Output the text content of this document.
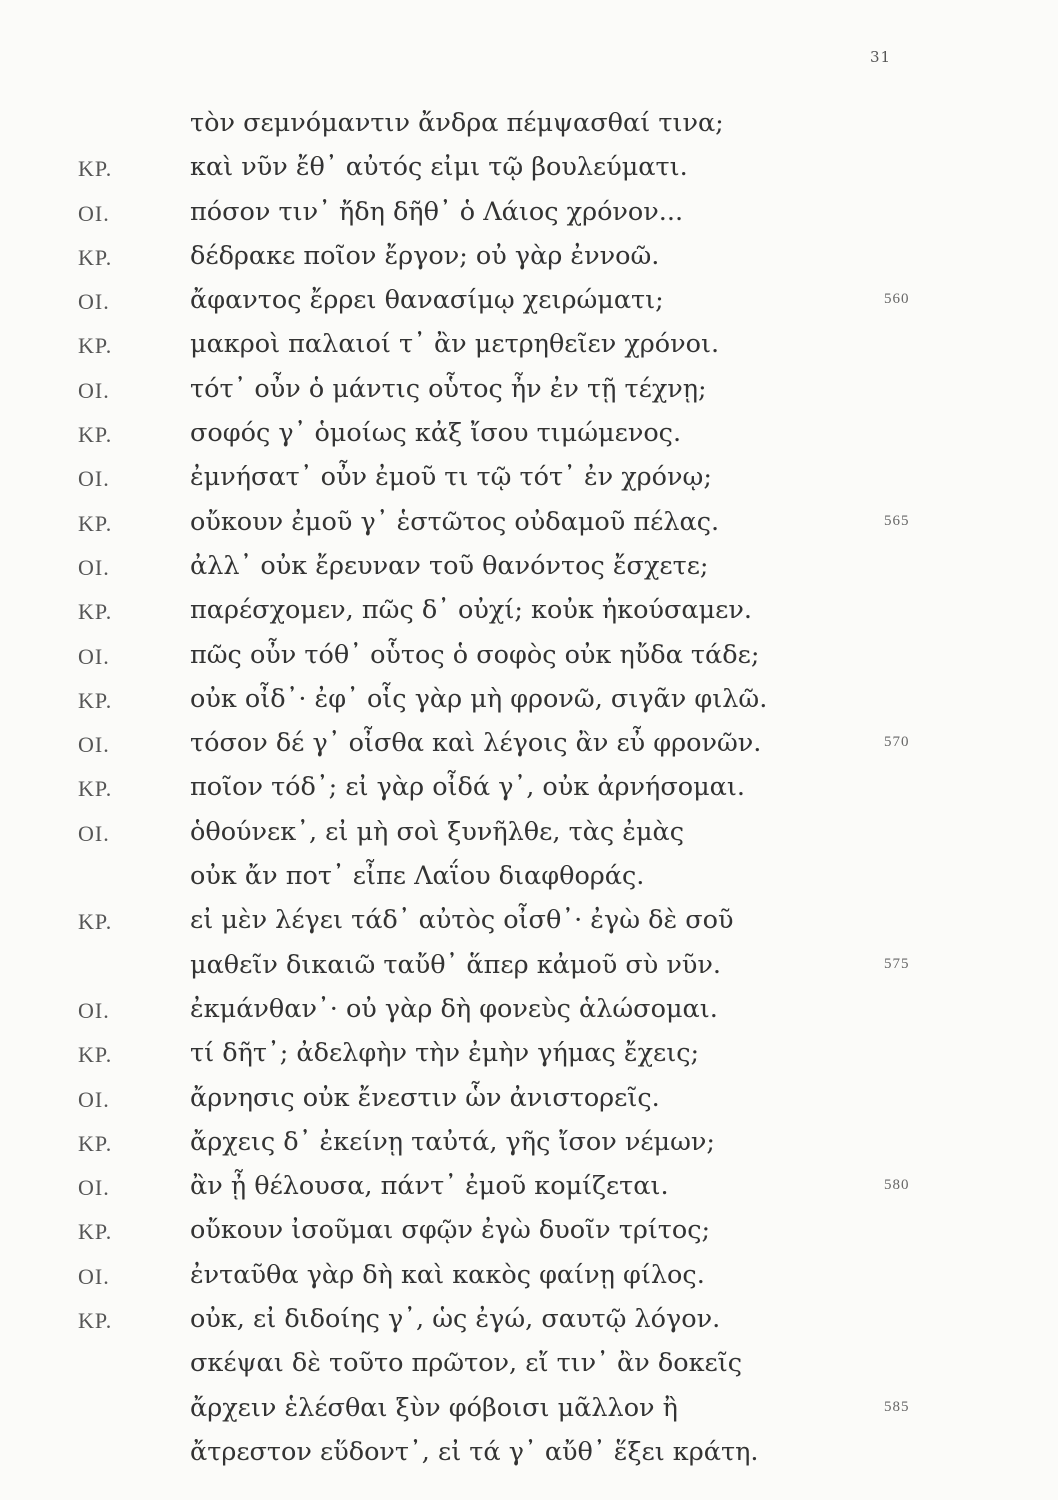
31
τὸν σεμνόμαντιν ἄνδρα πέμψασθαί τινα;
ΚΡ.	καὶ νῦν ἔθ᾽ αὐτός εἰμι τῷ βουλεύματι.
ΟΙ.	πόσον τιν᾽ ἤδη δῆθ᾽ ὁ Λάιος χρόνον...
ΚΡ.	δέδρακε ποῖον ἔργον; οὐ γὰρ ἐννοῶ.
ΟΙ.	ἄφαντος ἔρρει θανασίμῳ χειρώματι;	560
ΚΡ.	μακροὶ παλαιοί τ᾽ ἂν μετρηθεῖεν χρόνοι.
ΟΙ.	τότ᾽ οὖν ὁ μάντις οὗτος ἦν ἐν τῇ τέχνῃ;
ΚΡ.	σοφός γ᾽ ὁμοίως κἀξ ἴσου τιμώμενος.
ΟΙ.	ἐμνήσατ᾽ οὖν ἐμοῦ τι τῷ τότ᾽ ἐν χρόνῳ;
ΚΡ.	οὔκουν ἐμοῦ γ᾽ ἑστῶτος οὐδαμοῦ πέλας.	565
ΟΙ.	ἀλλ᾽ οὐκ ἔρευναν τοῦ θανόντος ἔσχετε;
ΚΡ.	παρέσχομεν, πῶς δ᾽ οὐχί; κοὐκ ἠκούσαμεν.
ΟΙ.	πῶς οὖν τόθ᾽ οὗτος ὁ σοφὸς οὐκ ηὔδα τάδε;
ΚΡ.	οὐκ οἶδ᾽· ἐφ᾽ οἷς γὰρ μὴ φρονῶ, σιγᾶν φιλῶ.
ΟΙ.	τόσον δέ γ᾽ οἶσθα καὶ λέγοις ἂν εὖ φρονῶν.	570
ΚΡ.	ποῖον τόδ᾽; εἰ γὰρ οἶδά γ᾽, οὐκ ἀρνήσομαι.
ΟΙ.	ὁθούνεκ᾽, εἰ μὴ σοὶ ξυνῆλθε, τὰς ἐμὰς
οὐκ ἄν ποτ᾽ εἶπε Λαΐου διαφθοράς.
ΚΡ.	εἰ μὲν λέγει τάδ᾽ αὐτὸς οἶσθ᾽· ἐγὼ δὲ σοῦ
μαθεῖν δικαιῶ ταὔθ᾽ ἅπερ κἀμοῦ σὺ νῦν.	575
ΟΙ.	ἐκμάνθαν᾽· οὐ γὰρ δὴ φονεὺς ἁλώσομαι.
ΚΡ.	τί δῆτ᾽; ἀδελφὴν τὴν ἐμὴν γήμας ἔχεις;
ΟΙ.	ἄρνησις οὐκ ἔνεστιν ὧν ἀνιστορεῖς.
ΚΡ.	ἄρχεις δ᾽ ἐκείνῃ ταὐτά, γῆς ἴσον νέμων;
ΟΙ.	ἂν ᾖ θέλουσα, πάντ᾽ ἐμοῦ κομίζεται.	580
ΚΡ.	οὔκουν ἰσοῦμαι σφῷν ἐγὼ δυοῖν τρίτος;
ΟΙ.	ἐνταῦθα γὰρ δὴ καὶ κακὸς φαίνῃ φίλος.
ΚΡ.	οὐκ, εἰ διδοίης γ᾽, ὡς ἐγώ, σαυτῷ λόγον.
σκέψαι δὲ τοῦτο πρῶτον, εἴ τιν᾽ ἂν δοκεῖς
ἄρχειν ἑλέσθαι ξὺν φόβοισι μᾶλλον ἢ	585
ἄτρεστον εὕδοντ᾽, εἰ τά γ᾽ αὔθ᾽ ἕξει κράτη.
